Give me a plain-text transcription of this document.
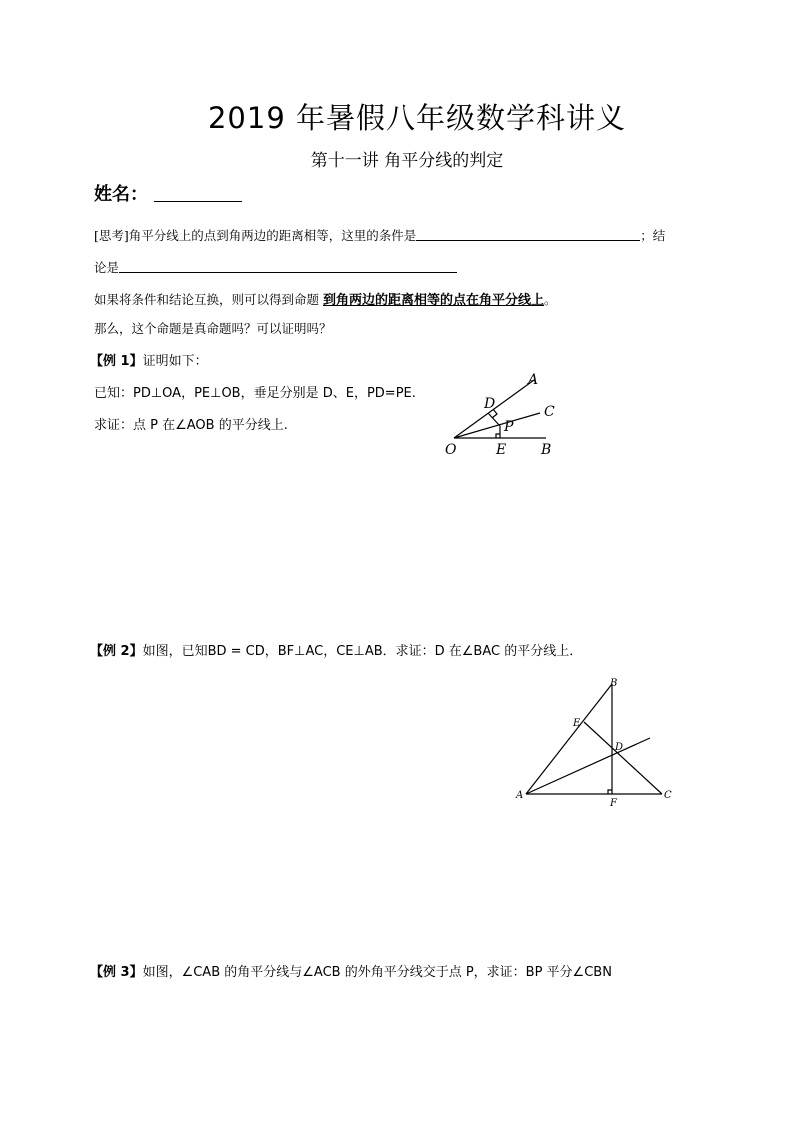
2019 年暑假八年级数学科讲义
第十一讲 角平分线的判定
姓名：
[思考]角平分线上的点到角两边的距离相等，这里的条件是	；结
论是
如果将条件和结论互换，则可以得到命题 到角两边的距离相等的点在角平分线上。
那么，这个命题是真命题吗？可以证明吗？
【例 1】证明如下：
已知：PD⊥OA，PE⊥OB，垂足分别是 D、E，PD=PE.
求证：点 P 在∠AOB 的平分线上.
A
D	C
P
O	E B
【例 2】如图，已知BD = CD，BF⊥AC，CE⊥AB．求证：D 在∠BAC 的平分线上．
B
E
D
A
F
C
【例 3】如图，∠CAB 的角平分线与∠ACB 的外角平分线交于点 P，求证：BP 平分∠CBN
